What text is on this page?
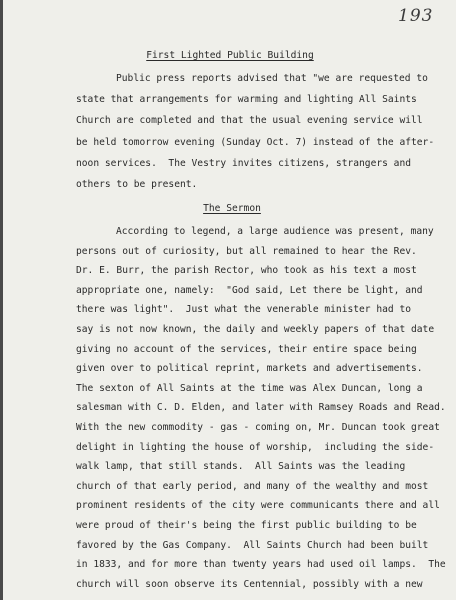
193
First Lighted Public Building
Public press reports advised that "we are requested to
state that arrangements for warming and lighting All Saints
Church are completed and that the usual evening service will
be held tomorrow evening (Sunday Oct. 7) instead of the after-
noon services.  The Vestry invites citizens, strangers and
others to be present.
The Sermon
According to legend, a large audience was present, many
persons out of curiosity, but all remained to hear the Rev.
Dr. E. Burr, the parish Rector, who took as his text a most
appropriate one, namely:  "God said, Let there be light, and
there was light".  Just what the venerable minister had to
say is not now known, the daily and weekly papers of that date
giving no account of the services, their entire space being
given over to political reprint, markets and advertisements.
The sexton of All Saints at the time was Alex Duncan, long a
salesman with C. D. Elden, and later with Ramsey Roads and Read.
With the new commodity - gas - coming on, Mr. Duncan took great
delight in lighting the house of worship,  including the side-
walk lamp, that still stands.  All Saints was the leading
church of that early period, and many of the wealthy and most
prominent residents of the city were communicants there and all
were proud of their's being the first public building to be
favored by the Gas Company.  All Saints Church had been built
in 1833, and for more than twenty years had used oil lamps.  The
church will soon observe its Centennial, possibly with a new
